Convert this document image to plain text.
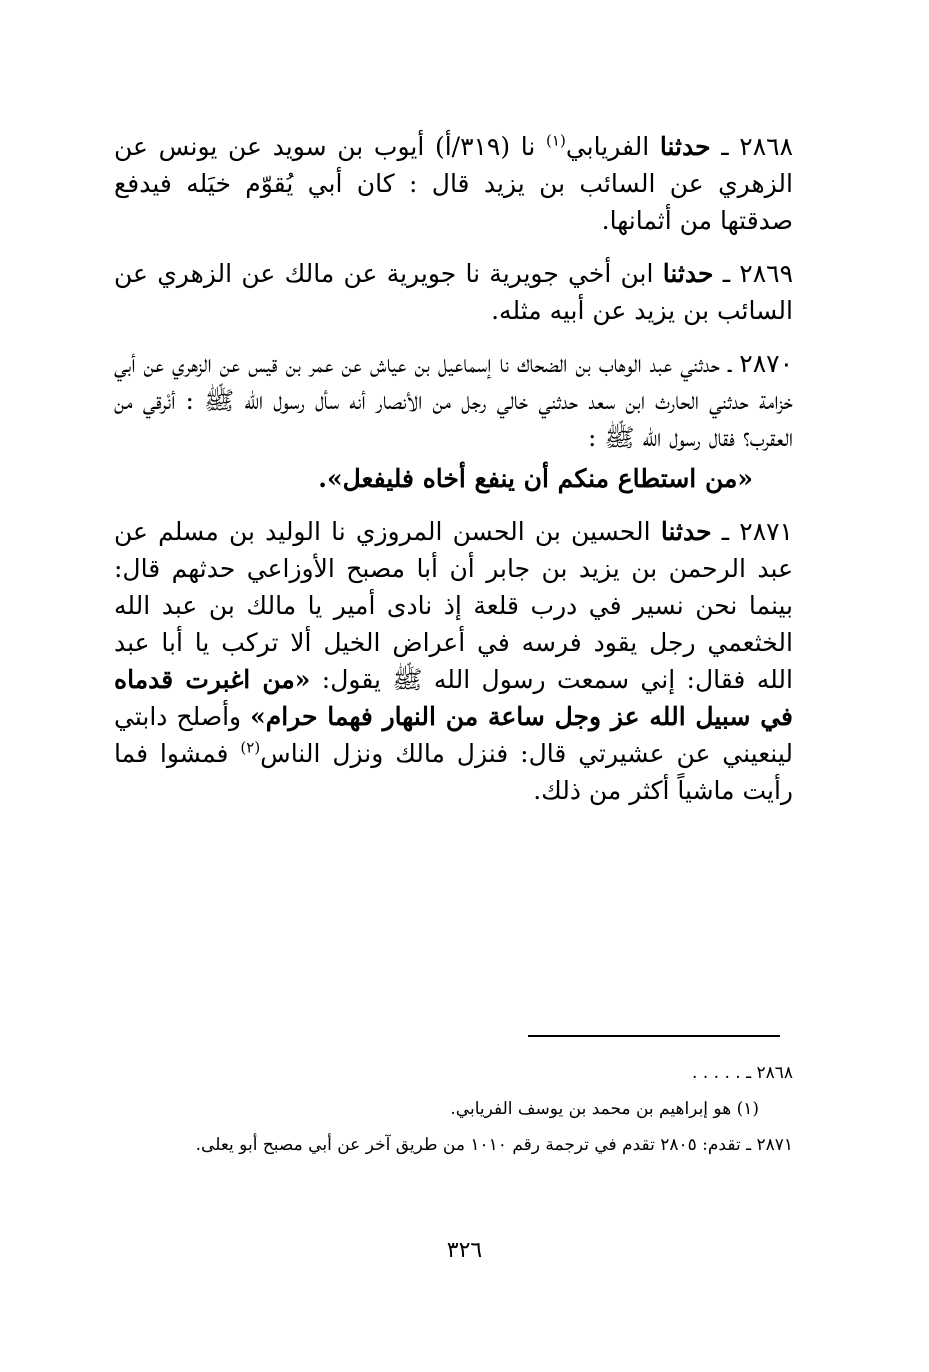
٢٨٦٨ ـ حدثنا الفريابي$^{(١)}$ نا (٣١٩/أ) أيوب بن سويد عن يونس عن الزهري عن السائب بن يزيد قال : كان أبي يُقوّم خيَله فيدفع صدقتها من أثمانها.

٢٨٦٩ ـ حدثنا ابن أخي جويرية نا جويرية عن مالك عن الزهري عن السائب بن يزيد عن أبيه مثله.

٢٨٧٠ ـ حدثني عبد الوهاب بن الضحاك نا إسماعيل بن عياش عن عمر بن قيس عن الزهري عن أبي خزامة حدثني الحارث ابن سعد حدثني خالي رجل من الأنصار أنه سأل رسول الله ﷺ : أنْرقي من العقرب؟ فقال رسول الله ﷺ :

«من استطاع منكم أن ينفع أخاه فليفعل».

٢٨٧١ ـ حدثنا الحسين بن الحسن المروزي نا الوليد بن مسلم عن عبد الرحمن بن يزيد بن جابر أن أبا مصبح الأوزاعي حدثهم قال: بينما نحن نسير في درب قلعة إذ نادى أمير يا مالك بن عبد الله الخثعمي رجل يقود فرسه في أعراض الخيل ألا تركب يا أبا عبد الله فقال: إني سمعت رسول الله ﷺ يقول: «من اغبرت قدماه في سبيل الله عز وجل ساعة من النهار فهما حرام» وأصلح دابتي لينعيني عن عشيرتي قال: فنزل مالك ونزل الناس$^{(٢)}$ فمشوا فما رأيت ماشياً أكثر من ذلك.

٢٨٦٨ ـ . . . . .

(١) هو إبراهيم بن محمد بن يوسف الفريابي.

٢٨٧١ ـ تقدم: ٢٨٠٥ تقدم في ترجمة رقم ١٠١٠ من طريق آخر عن أبي مصبح أبو يعلى.

٣٢٦
